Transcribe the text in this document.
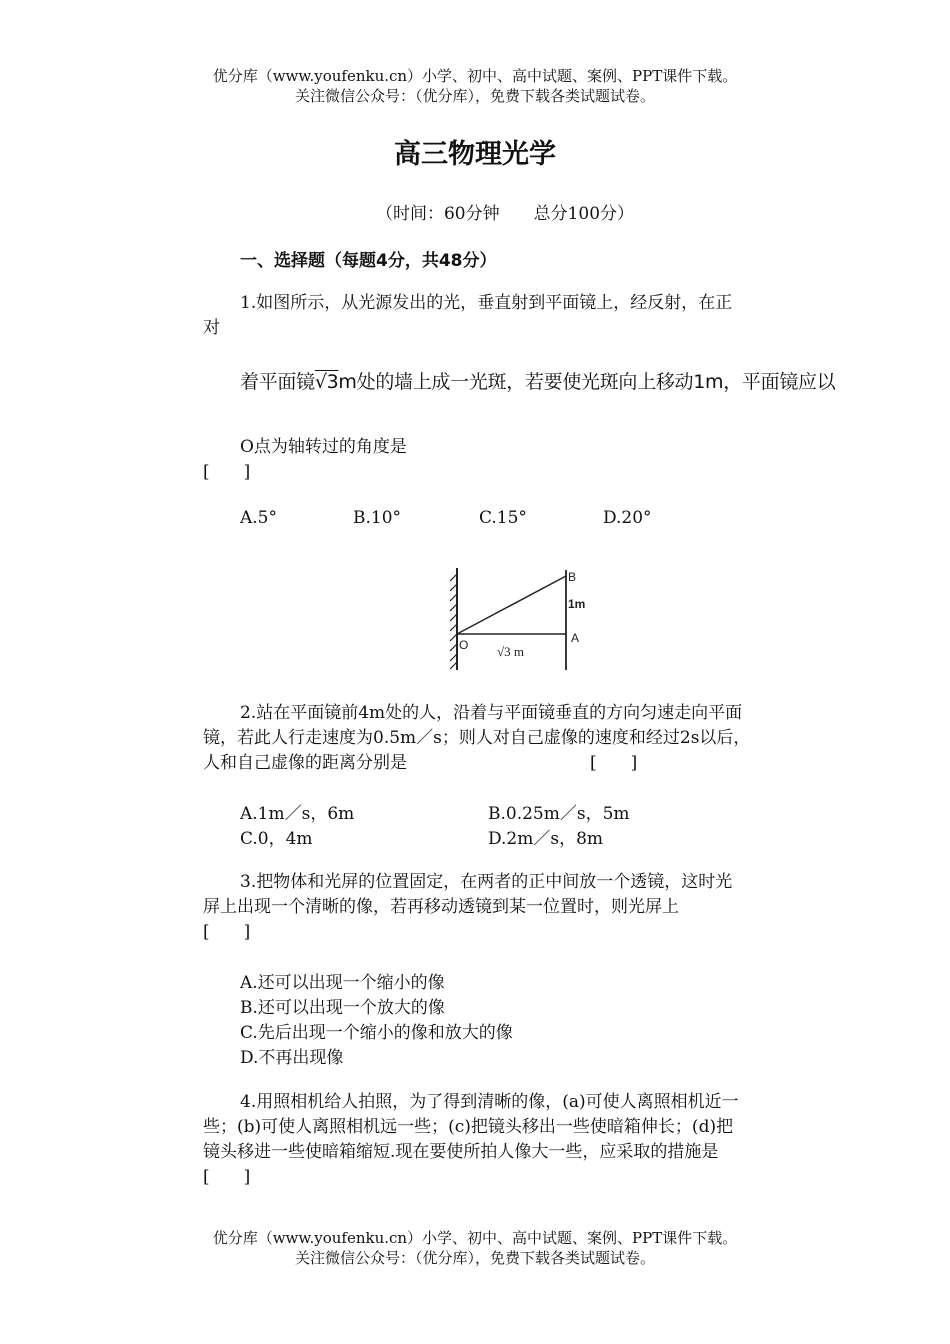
优分库（www.youfenku.cn）小学、初中、高中试题、案例、PPT课件下载。
关注微信公众号：（优分库），免费下载各类试题试卷。
高三物理光学
（时间：60分钟　　总分100分）
一、选择题（每题4分，共48分）
1.如图所示，从光源发出的光，垂直射到平面镜上，经反射，在正
对
着平面镜√3m处的墙上成一光斑，若要使光斑向上移动1m，平面镜应以
O点为轴转过的角度是
[　　]
A.5°	B.10°	C.15°	D.20°
B
1m
A
O √3 m
2.站在平面镜前4m处的人，沿着与平面镜垂直的方向匀速走向平面
镜，若此人行走速度为0.5m／s；则人对自己虚像的速度和经过2s以后，
人和自己虚像的距离分别是	[　　]
A.1m／s，6m	B.0.25m／s，5m
C.0，4m	D.2m／s，8m
3.把物体和光屏的位置固定，在两者的正中间放一个透镜，这时光
屏上出现一个清晰的像，若再移动透镜到某一位置时，则光屏上
[　　]
A.还可以出现一个缩小的像
B.还可以出现一个放大的像
C.先后出现一个缩小的像和放大的像
D.不再出现像
4.用照相机给人拍照，为了得到清晰的像，(a)可使人离照相机近一
些；(b)可使人离照相机远一些；(c)把镜头移出一些使暗箱伸长；(d)把
镜头移进一些使暗箱缩短.现在要使所拍人像大一些，应采取的措施是
[　　]
优分库（www.youfenku.cn）小学、初中、高中试题、案例、PPT课件下载。
关注微信公众号：（优分库），免费下载各类试题试卷。
